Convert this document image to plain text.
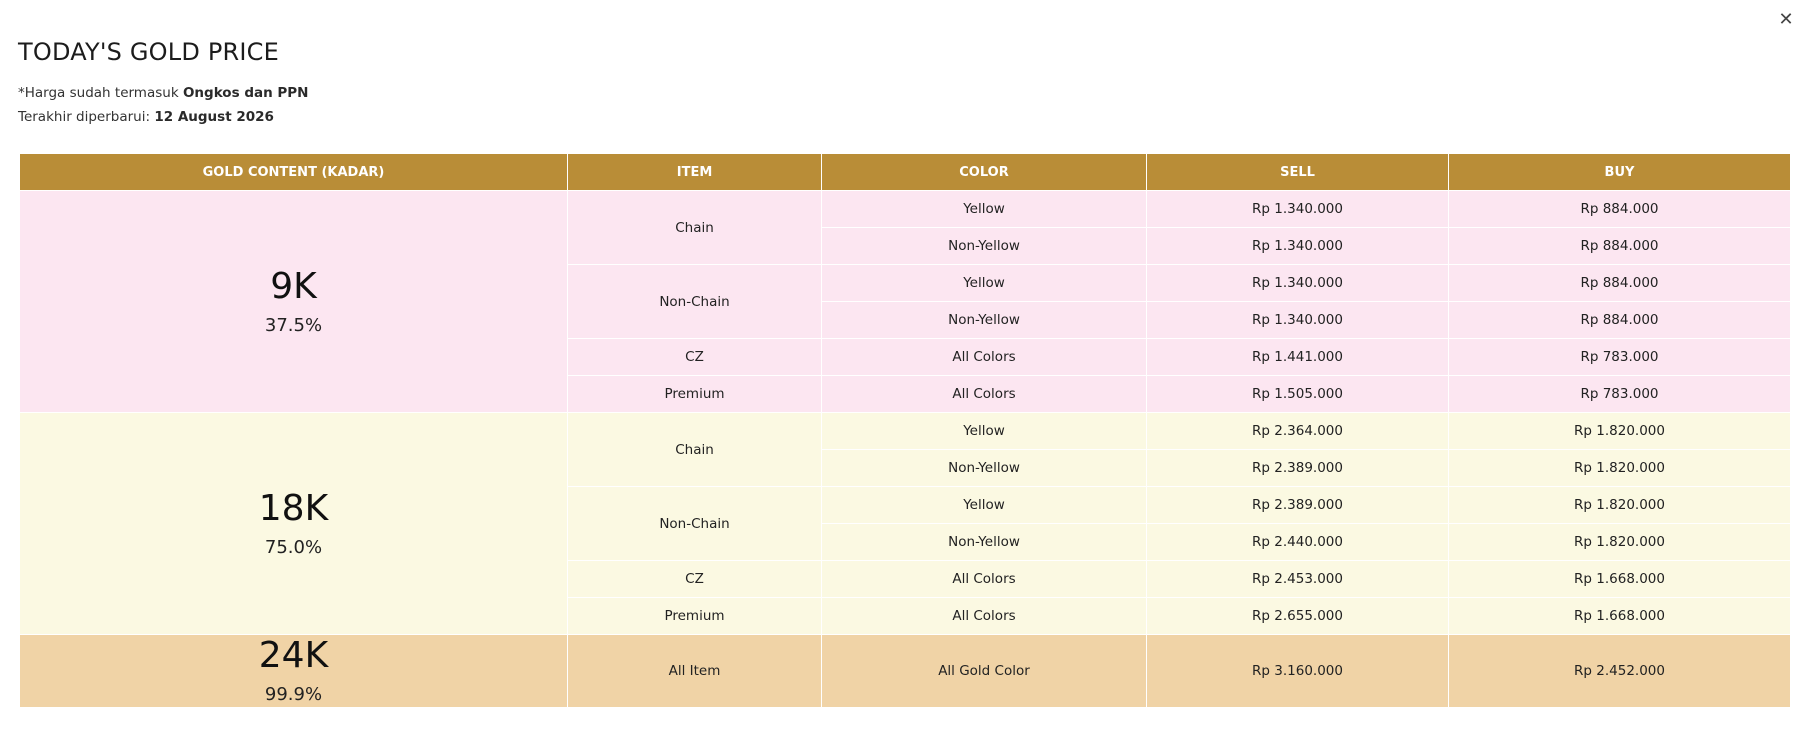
✕
TODAY'S GOLD PRICE

*Harga sudah termasuk Ongkos dan PPN

Terakhir diperbarui: 12 August 2026

GOLD CONTENT (KADAR)	ITEM	COLOR	SELL	BUY

9K
37.5%	Chain	Yellow	Rp 1.340.000	Rp 884.000
		Non-Yellow	Rp 1.340.000	Rp 884.000
	Non-Chain	Yellow	Rp 1.340.000	Rp 884.000
		Non-Yellow	Rp 1.340.000	Rp 884.000
	CZ	All Colors	Rp 1.441.000	Rp 783.000
	Premium	All Colors	Rp 1.505.000	Rp 783.000

18K
75.0%	Chain	Yellow	Rp 2.364.000	Rp 1.820.000
		Non-Yellow	Rp 2.389.000	Rp 1.820.000
	Non-Chain	Yellow	Rp 2.389.000	Rp 1.820.000
		Non-Yellow	Rp 2.440.000	Rp 1.820.000
	CZ	All Colors	Rp 2.453.000	Rp 1.668.000
	Premium	All Colors	Rp 2.655.000	Rp 1.668.000

24K
99.9%	All Item	All Gold Color	Rp 3.160.000	Rp 2.452.000
